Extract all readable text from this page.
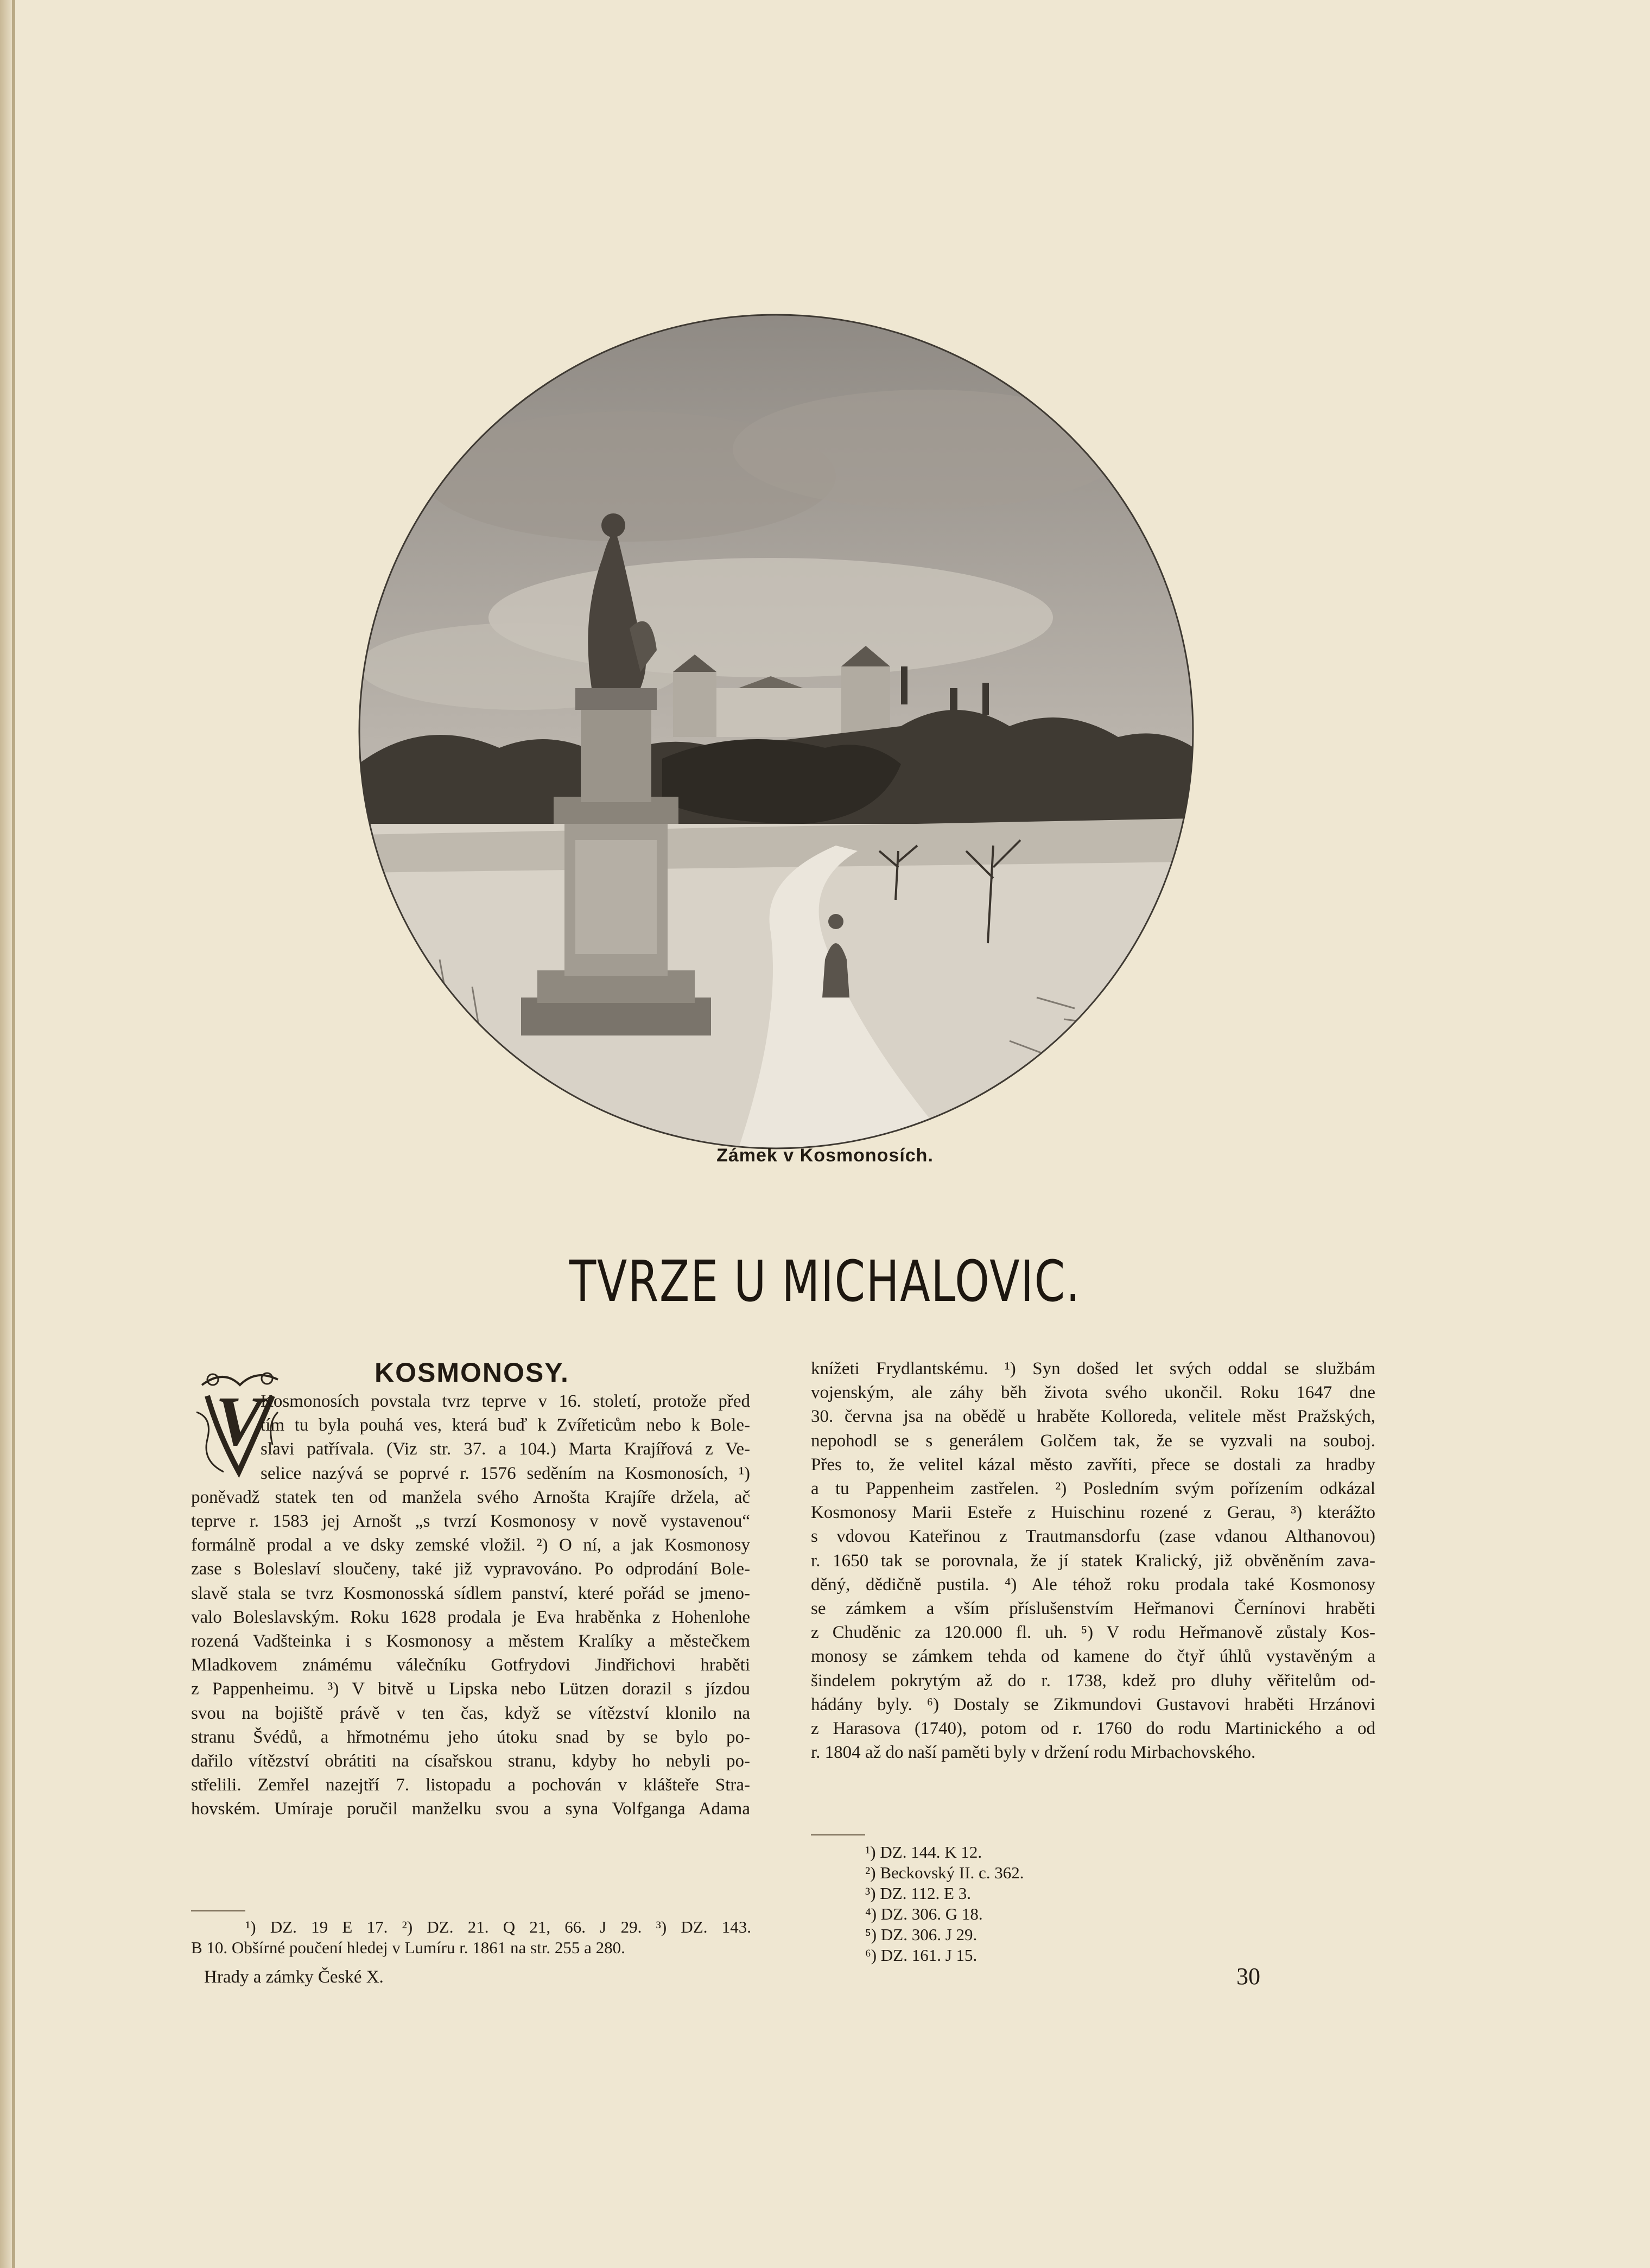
Zámek v Kosmonosích.
TVRZE U MICHALOVIC.
KOSMONOSY.
V
Kosmonosích povstala tvrz teprve v 16. století, protože před
tím tu byla pouhá ves, která buď k Zvířeticům nebo k Bole-
slavi patřívala. (Viz str. 37. a 104.) Marta Krajířová z Ve-
selice nazývá se poprvé r. 1576 seděním na Kosmonosích, ¹)
poněvadž statek ten od manžela svého Arnošta Krajíře držela, ač
teprve r. 1583 jej Arnošt „s tvrzí Kosmonosy v nově vystavenou“
formálně prodal a ve dsky zemské vložil. ²) O ní, a jak Kosmonosy
zase s Boleslaví sloučeny, také již vypravováno. Po odprodání Bole-
slavě stala se tvrz Kosmonosská sídlem panství, které pořád se jmeno-
valo Boleslavským. Roku 1628 prodala je Eva hraběnka z Hohenlohe
rozená Vadšteinka i s Kosmonosy a městem Kralíky a městečkem
Mladkovem známému válečníku Gotfrydovi Jindřichovi hraběti
z Pappenheimu. ³) V bitvě u Lipska nebo Lützen dorazil s jízdou
svou na bojiště právě v ten čas, když se vítězství klonilo na
stranu Švédů, a hřmotnému jeho útoku snad by se bylo po-
dařilo vítězství obrátiti na císařskou stranu, kdyby ho nebyli po-
střelili. Zemřel nazejtří 7. listopadu a pochován v klášteře Stra-
hovském. Umíraje poručil manželku svou a syna Volfganga Adama
knížeti Frydlantskému. ¹) Syn došed let svých oddal se službám
vojenským, ale záhy běh života svého ukončil. Roku 1647 dne
30. června jsa na obědě u hraběte Kolloreda, velitele měst Pražských,
nepohodl se s generálem Golčem tak, že se vyzvali na souboj.
Přes to, že velitel kázal město zavříti, přece se dostali za hradby
a tu Pappenheim zastřelen. ²) Posledním svým pořízením odkázal
Kosmonosy Marii Esteře z Huischinu rozené z Gerau, ³) kterážto
s vdovou Kateřinou z Trautmansdorfu (zase vdanou Althanovou)
r. 1650 tak se porovnala, že jí statek Kralický, již obvěněním zava-
děný, dědičně pustila. ⁴) Ale téhož roku prodala také Kosmonosy
se zámkem a vším příslušenstvím Heřmanovi Černínovi hraběti
z Chuděnic za 120.000 fl. uh. ⁵) V rodu Heřmanově zůstaly Kos-
monosy se zámkem tehda od kamene do čtyř úhlů vystavěným a
šindelem pokrytým až do r. 1738, kdež pro dluhy věřitelům od-
hádány byly. ⁶) Dostaly se Zikmundovi Gustavovi hraběti Hrzánovi
z Harasova (1740), potom od r. 1760 do rodu Martinického a od
r. 1804 až do naší paměti byly v držení rodu Mirbachovského.
¹) DZ. 19 E 17. ²) DZ. 21. Q 21, 66. J 29. ³) DZ. 143.
B 10. Obšírné poučení hledej v Lumíru r. 1861 na str. 255 a 280.
¹) DZ. 144. K 12.
²) Beckovský II. c. 362.
³) DZ. 112. E 3.
⁴) DZ. 306. G 18.
⁵) DZ. 306. J 29.
⁶) DZ. 161. J 15.
Hrady a zámky České X.	30
